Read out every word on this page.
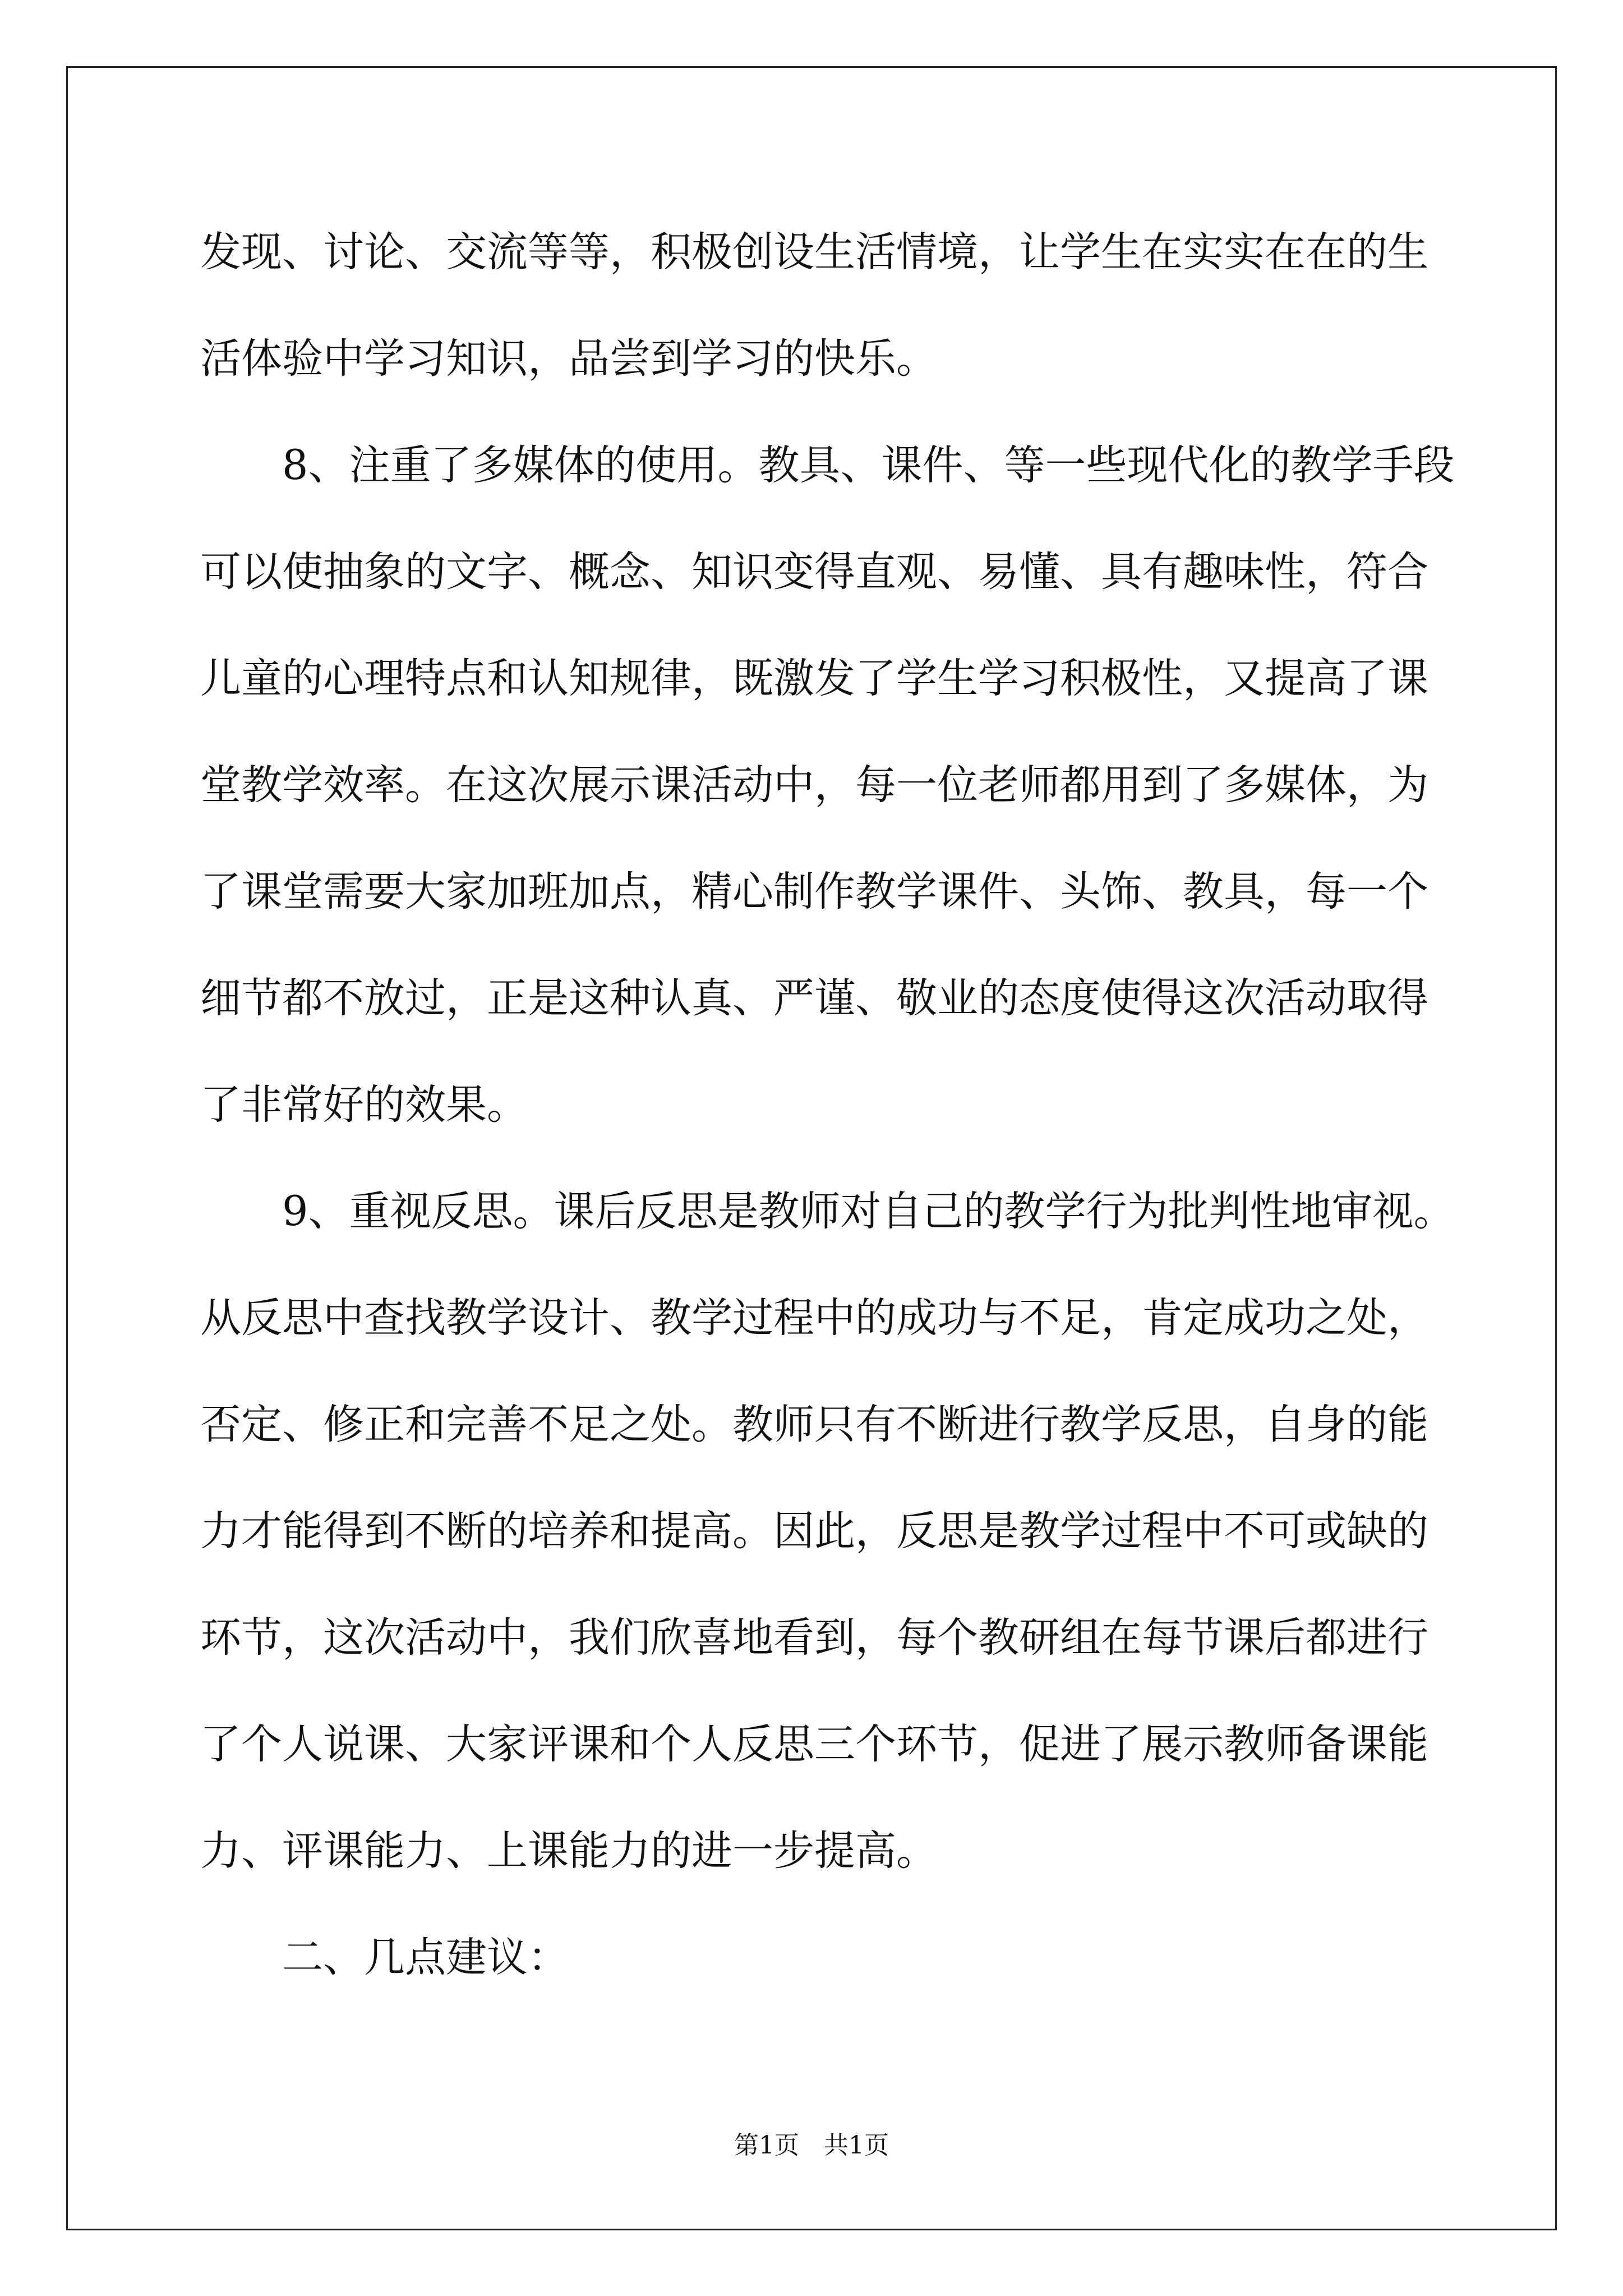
发现、讨论、交流等等，积极创设生活情境，让学生在实实在在的生
活体验中学习知识，品尝到学习的快乐。
8、注重了多媒体的使用。教具、课件、等一些现代化的教学手段
可以使抽象的文字、概念、知识变得直观、易懂、具有趣味性，符合
儿童的心理特点和认知规律，既激发了学生学习积极性，又提高了课
堂教学效率。在这次展示课活动中，每一位老师都用到了多媒体，为
了课堂需要大家加班加点，精心制作教学课件、头饰、教具，每一个
细节都不放过，正是这种认真、严谨、敬业的态度使得这次活动取得
了非常好的效果。
9、重视反思。课后反思是教师对自己的教学行为批判性地审视。
从反思中查找教学设计、教学过程中的成功与不足，肯定成功之处，
否定、修正和完善不足之处。教师只有不断进行教学反思，自身的能
力才能得到不断的培养和提高。因此，反思是教学过程中不可或缺的
环节，这次活动中，我们欣喜地看到，每个教研组在每节课后都进行
了个人说课、大家评课和个人反思三个环节，促进了展示教师备课能
力、评课能力、上课能力的进一步提高。
二、几点建议：
第1页　共1页
